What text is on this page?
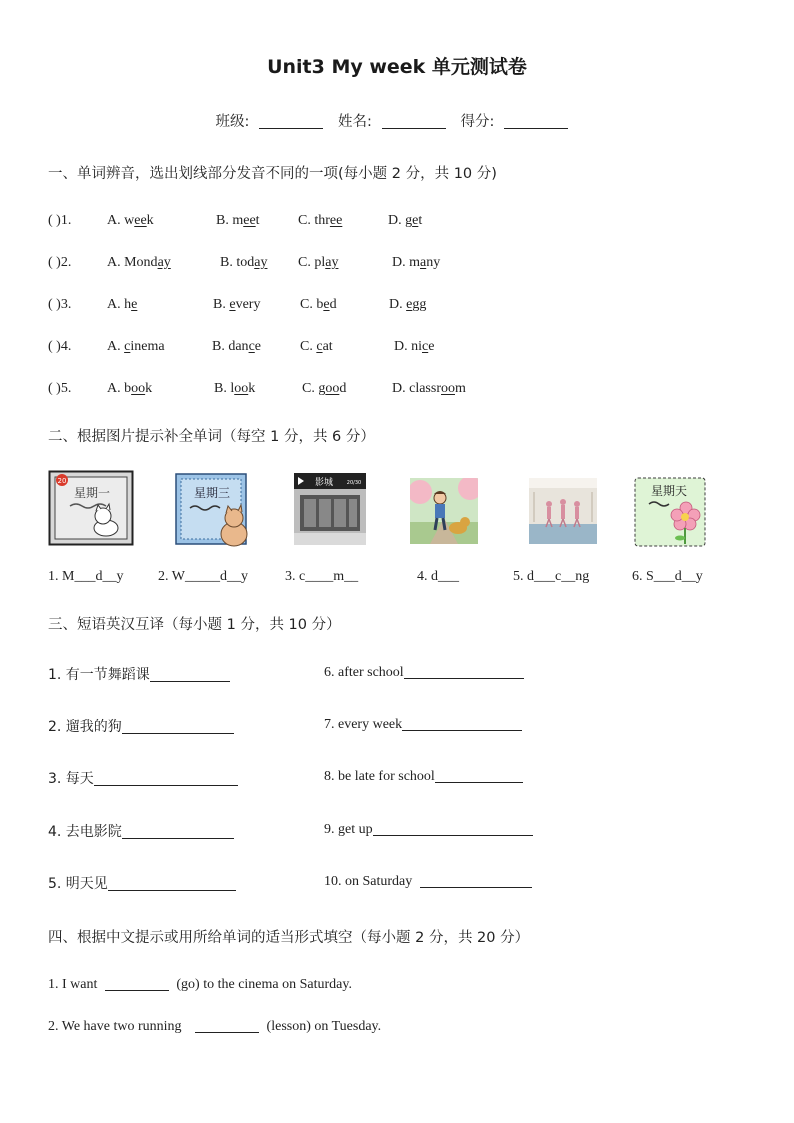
Unit3 My week 单元测试卷
班级:	姓名:	得分:
一、单词辨音，选出划线部分发音不同的一项(每小题 2 分，共 10 分)
( )1.	A. week	B. meet	C. three	D. get
( )2.	A. Monday	B. today C. play	D. many
( )3.	A. he	B. every	C. bed	D. egg
( )4.	A. cinema	B. dance	C. cat	D. nice
( )5.	A. book	B. look	C. good	D. classroom
二、根据图片提示补全单词（每空 1 分，共 6 分）
20
星期一	星期三
影城	20/30
星期天
1. M___d__y 2. W_____d__y	3. c____m__	4. d___	5. d___c__ng	6. S___d__y
三、短语英汉互译（每小题 1 分，共 10 分）
1. 有一节舞蹈课
2. 遛我的狗
3. 每天
4. 去电影院
5. 明天见
6. after school
7. every week
8. be late for school
9. get up
10. on Saturday
四、根据中文提示或用所给单词的适当形式填空（每小题 2 分，共 20 分）
1. I want	(go) to the cinema on Saturday.
2. We have two running	(lesson) on Tuesday.
